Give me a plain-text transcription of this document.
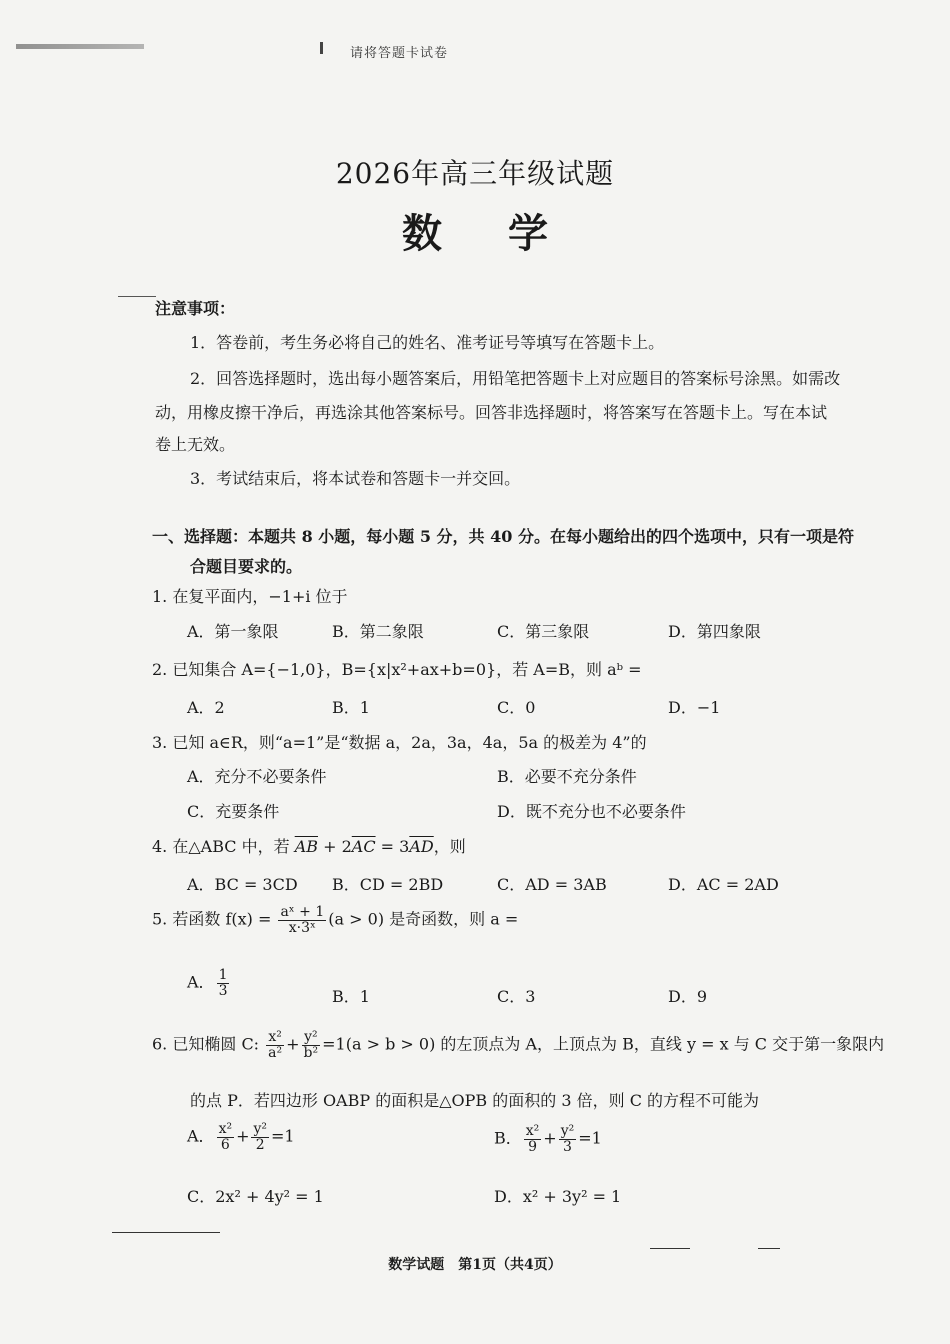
请将答题卡试卷
2026年高三年级试题
数 学
注意事项：
1．答卷前，考生务必将自己的姓名、准考证号等填写在答题卡上。
2．回答选择题时，选出每小题答案后，用铅笔把答题卡上对应题目的答案标号涂黑。如需改
动，用橡皮擦干净后，再选涂其他答案标号。回答非选择题时，将答案写在答题卡上。写在本试
卷上无效。
3．考试结束后，将本试卷和答题卡一并交回。
一、选择题：本题共 8 小题，每小题 5 分，共 40 分。在每小题给出的四个选项中，只有一项是符
合题目要求的。
1. 在复平面内，−1+i 位于
A．第一象限	B．第二象限	C．第三象限	D．第四象限
2. 已知集合 A={−1,0}，B={x|x²+ax+b=0}，若 A=B，则 aᵇ =
A．2	B．1	C．0	D．−1
3. 已知 a∈R，则“a=1”是“数据 a，2a，3a，4a，5a 的极差为 4”的
A．充分不必要条件	B．必要不充分条件
C．充要条件	D．既不充分也不必要条件
4. 在△ABC 中，若 $\overline{AB} + 2\overline{AC} = 3\overline{AD}$，则
A．BC = 3CD B．CD = 2BD	C．AD = 3AB	D．AC = 2AD
5. 若函数 $f(x) = \frac{\text{aˣ + 1}}{\text{x·3ˣ}} (a > 0)$ 是奇函数，则 a =
A． $\frac{1}{3}$	B．1	C．3	D．9
6. 已知椭圆 C: $\frac{\text{x²}}{\text{a²}} + \frac{\text{y²}}{\text{b²}} =1(a > b > 0)$ 的左顶点为 A，上顶点为 B，直线 y = x 与 C 交于第一象限内
的点 P．若四边形 OABP 的面积是△OPB 的面积的 3 倍，则 C 的方程不可能为
A． $\frac{\text{x²}}{6} + \frac{\text{y²}}{2} =1$	B． $\frac{\text{x²}}{9} + \frac{\text{y²}}{3} =1$
C．2x² + 4y² = 1	D．x² + 3y² = 1
数学试题　第1页（共4页）
